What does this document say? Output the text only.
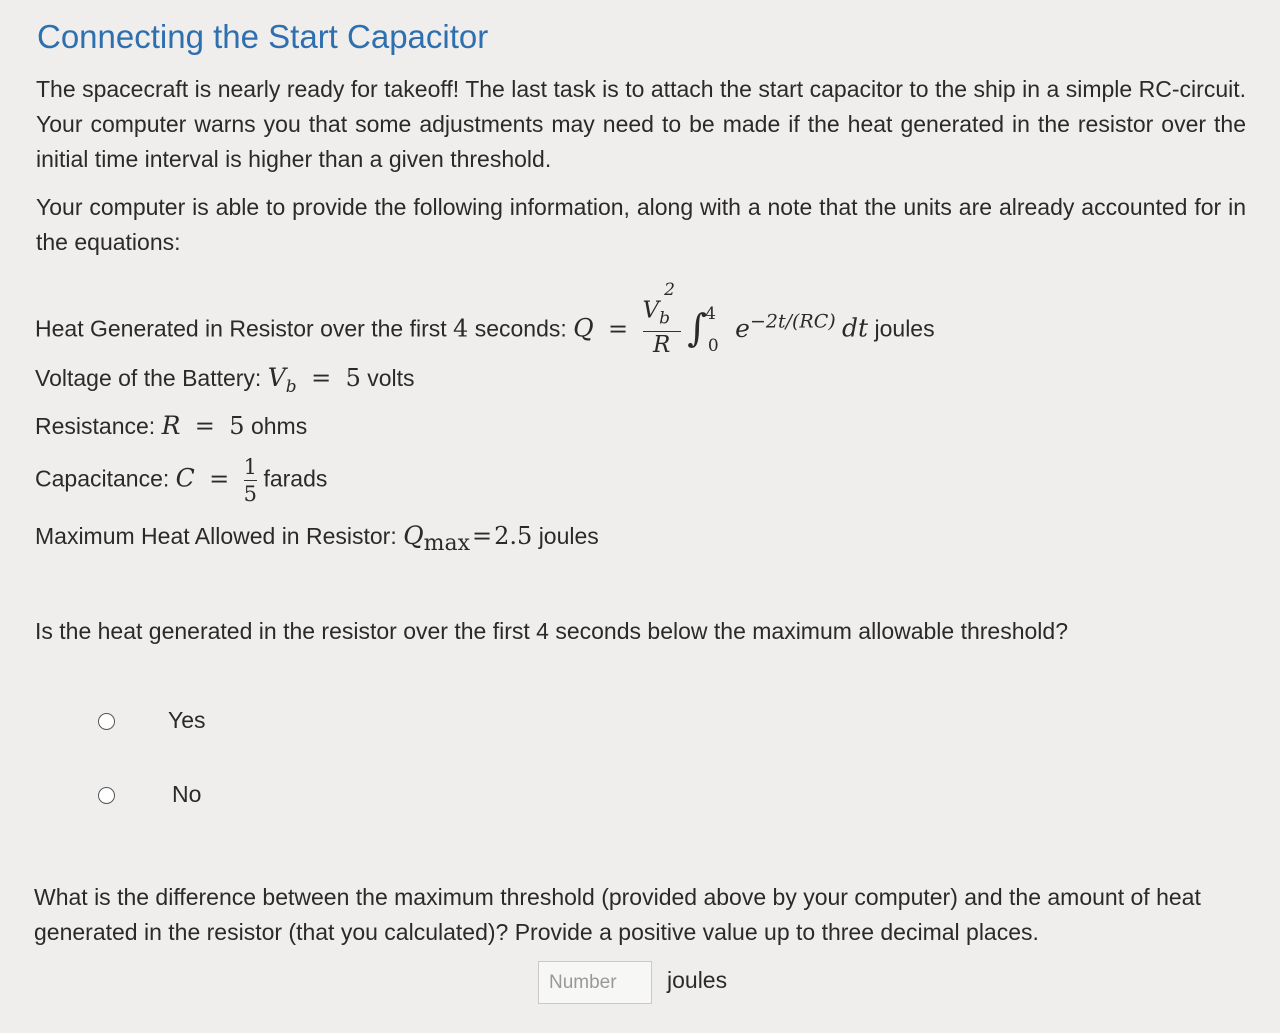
Connecting the Start Capacitor

The spacecraft is nearly ready for takeoff! The last task is to attach the start capacitor to the ship in a simple RC-circuit. Your computer warns you that some adjustments may need to be made if the heat generated in the resistor over the initial time interval is higher than a given threshold.

Your computer is able to provide the following information, along with a note that the units are already accounted for in the equations:

Heat Generated in Resistor over the first 4 seconds: $Q = \frac{V_b^2}{R} \int^4_0$ $e^{-2t/(RC)}$ dt joules
Voltage of the Battery: $V_b = 5$ volts
Resistance: R = 5 ohms
Capacitance: $C = \frac{1}{5}$ farads
Maximum Heat Allowed in Resistor: $Q_{max}=2.5$ joules
Is the heat generated in the resistor over the first 4 seconds below the maximum allowable threshold?
Yes
No

What is the difference between the maximum threshold (provided above by your computer) and the amount of heat generated in the resistor (that you calculated)? Provide a positive value up to three decimal places.

Number
joules
